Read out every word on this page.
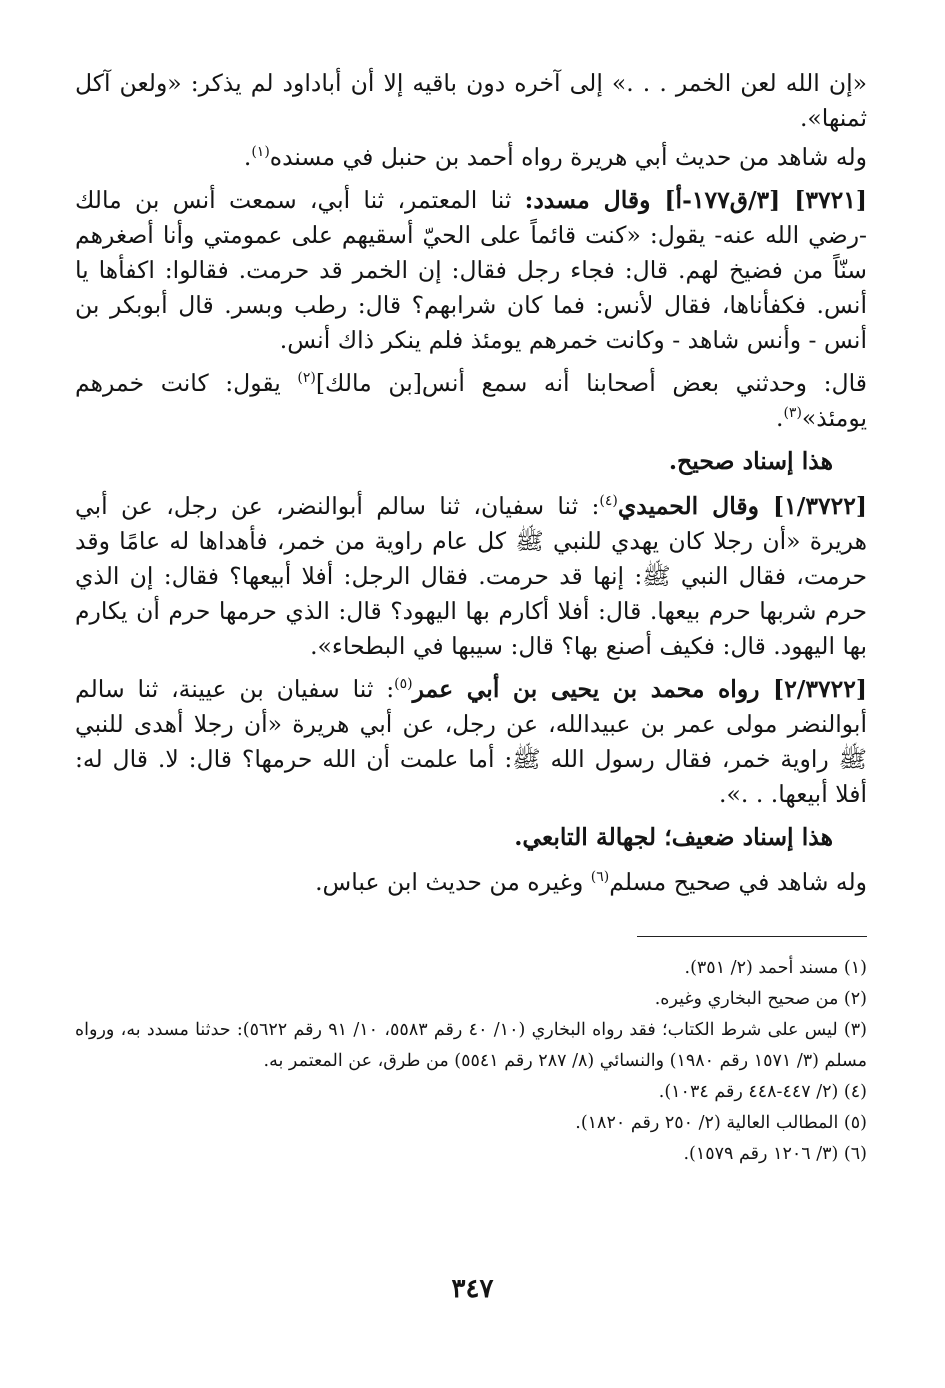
«إن الله لعن الخمر . . .» إلى آخره دون باقيه إلا أن أباداود لم يذكر: «ولعن آكل ثمنها».

وله شاهد من حديث أبي هريرة رواه أحمد بن حنبل في مسنده$^{(١)}$.

[٣٧٢١] [٣/ق١٧٧-أ] وقال مسدد: ثنا المعتمر، ثنا أبي، سمعت أنس بن مالك -رضي الله عنه- يقول: «كنت قائماً على الحيّ أسقيهم على عمومتي وأنا أصغرهم سنّاً من فضيخ لهم. قال: فجاء رجل فقال: إن الخمر قد حرمت. فقالوا: اكفأها يا أنس. فكفأناها، فقال لأنس: فما كان شرابهم؟ قال: رطب وبسر. قال أبوبكر بن أنس - وأنس شاهد - وكانت خمرهم يومئذ فلم ينكر ذاك أنس.

قال: وحدثني بعض أصحابنا أنه سمع أنس[بن مالك]$^{(٢)}$ يقول: كانت خمرهم يومئذ»$^{(٣)}$.

هذا إسناد صحيح.

[١/٣٧٢٢] وقال الحميدي$^{(٤)}$: ثنا سفيان، ثنا سالم أبوالنضر، عن رجل، عن أبي هريرة «أن رجلا كان يهدي للنبي ﷺ كل عام راوية من خمر، فأهداها له عامًا وقد حرمت، فقال النبي ﷺ: إنها قد حرمت. فقال الرجل: أفلا أبيعها؟ فقال: إن الذي حرم شربها حرم بيعها. قال: أفلا أكارم بها اليهود؟ قال: الذي حرمها حرم أن يكارم بها اليهود. قال: فكيف أصنع بها؟ قال: سيبها في البطحاء».

[٢/٣٧٢٢] رواه محمد بن يحيى بن أبي عمر$^{(٥)}$: ثنا سفيان بن عيينة، ثنا سالم أبوالنضر مولى عمر بن عبيدالله، عن رجل، عن أبي هريرة «أن رجلا أهدى للنبي ﷺ راوية خمر، فقال رسول الله ﷺ: أما علمت أن الله حرمها؟ قال: لا. قال له: أفلا أبيعها. . .».

هذا إسناد ضعيف؛ لجهالة التابعي.

وله شاهد في صحيح مسلم$^{(٦)}$ وغيره من حديث ابن عباس.

(١) مسند أحمد (٢/ ٣٥١).

(٢) من صحيح البخاري وغيره.

(٣) ليس على شرط الكتاب؛ فقد رواه البخاري (١٠/ ٤٠ رقم ٥٥٨٣، ١٠/ ٩١ رقم ٥٦٢٢): حدثنا مسدد به، ورواه مسلم (٣/ ١٥٧١ رقم ١٩٨٠) والنسائي (٨/ ٢٨٧ رقم ٥٥٤١) من طرق، عن المعتمر به.

(٤) (٢/ ٤٤٧-٤٤٨ رقم ١٠٣٤).

(٥) المطالب العالية (٢/ ٢٥٠ رقم ١٨٢٠).

(٦) (٣/ ١٢٠٦ رقم ١٥٧٩).

٣٤٧
